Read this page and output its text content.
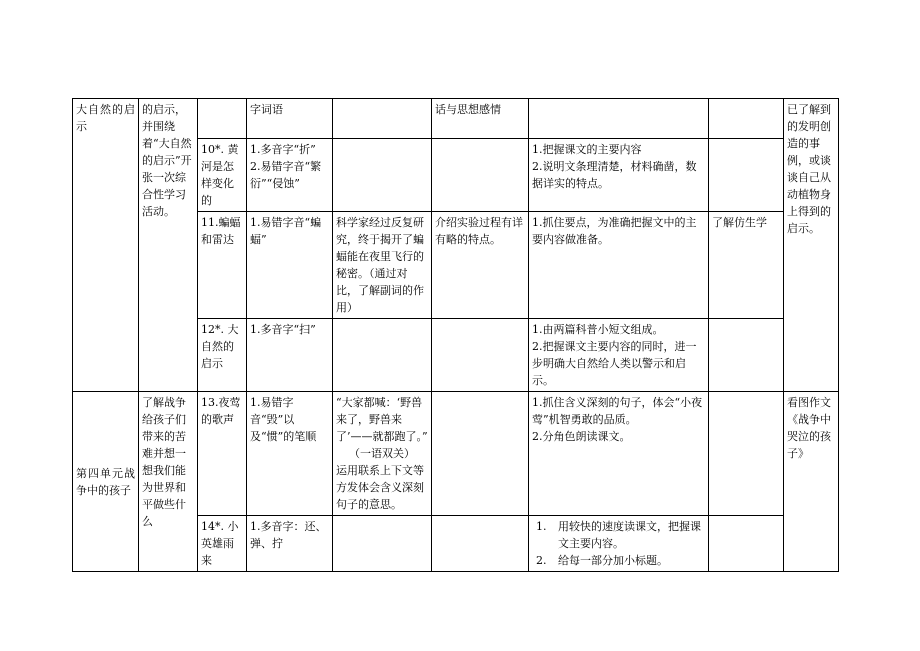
大自然的启示	的启示，并围绕着“大自然的启示”开张一次综合性学习活动。		字词语		话与思想感情			已了解到的发明创造的事例，或谈谈自己从动植物身上得到的启示。
		10*. 黄河是怎样变化的	1.多音字“折”
2.易错字音“繁衍”“侵蚀”			1.把握课文的主要内容
2.说明文条理清楚，材料确凿，数据详实的特点。		

		11.蝙蝠和雷达	1.易错字音“蝙蝠”	科学家经过反复研究，终于揭开了蝙蝠能在夜里飞行的秘密。（通过对比，了解副词的作用）	介绍实验过程有详有略的特点。	1.抓住要点，为准确把握文中的主要内容做准备。	了解仿生学	
		12*. 大自然的启示	1.多音字“扫”			1.由两篇科普小短文组成。
2.把握课文主要内容的同时，进一步明确大自然给人类以警示和启示。		

第四单元战争中的孩子	了解战争给孩子们带来的苦难并想一想我们能为世界和平做些什么	13.夜莺的歌声	1.易错字音“毁”以及“惯”的笔顺	“大家都喊：‘野兽来了，野兽来了’——就都跑了。”
（一语双关）
运用联系上下文等方发体会含义深刻句子的意思。		1.抓住含义深刻的句子，体会“小夜莺”机智勇敢的品质。
2.分角色朗读课文。		看图作文《战争中哭泣的孩子》
		14*. 小英雄雨来	1.多音字：还、弹、拧			1. 用较快的速度读课文，把握课文主要内容。
2. 给每一部分加小标题。		
